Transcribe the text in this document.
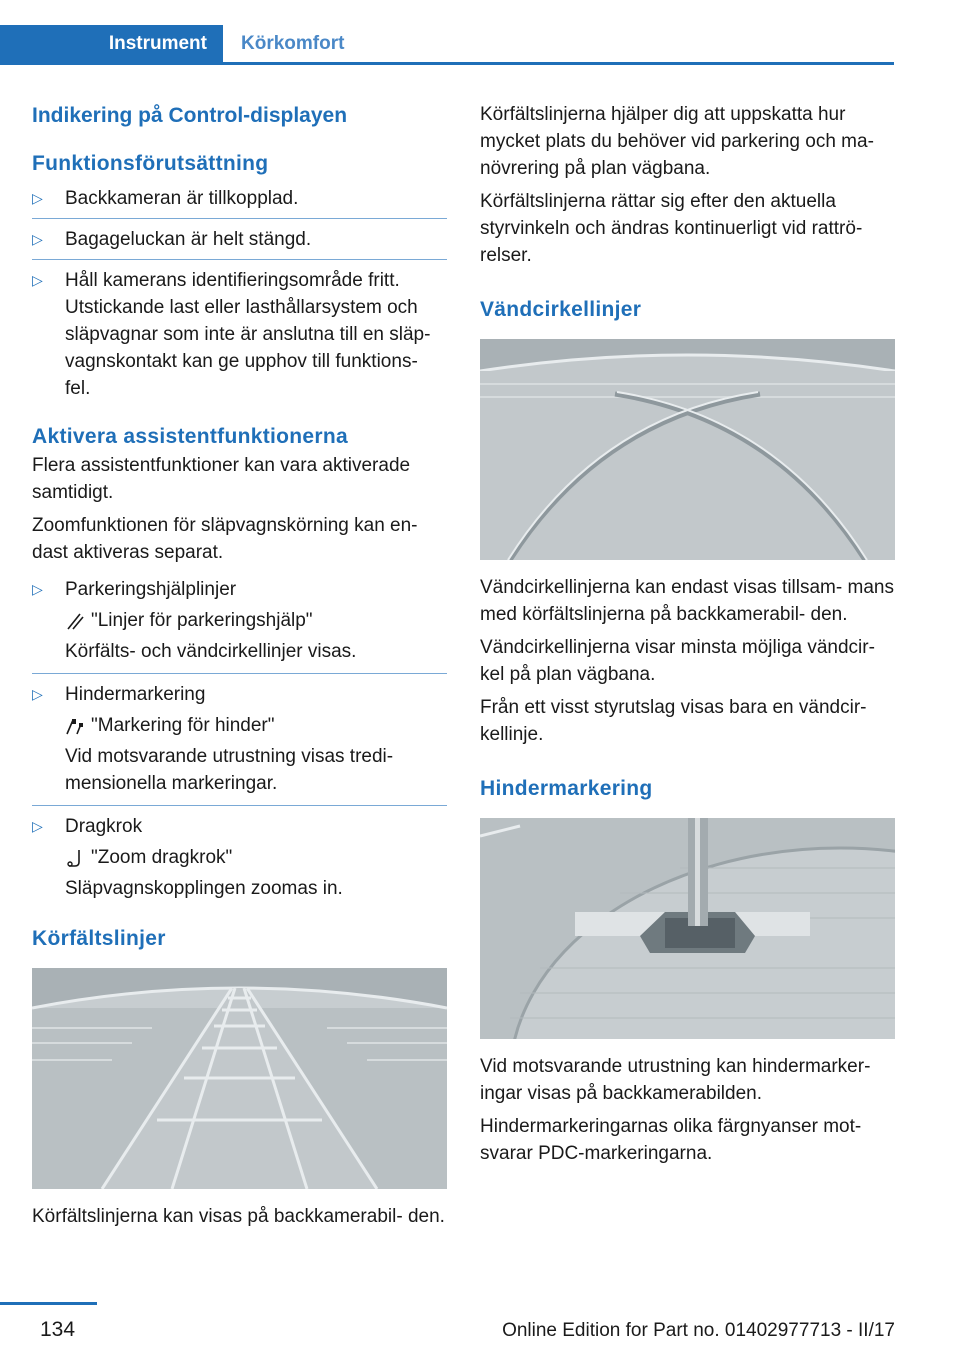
Instrument	Körkomfort
Indikering på Control-displayen
Funktionsförutsättning
▷ Backkameran är tillkopplad.
▷ Bagageluckan är helt stängd.
▷ Håll kamerans identifieringsområde fritt. Utstickande last eller lasthållarsystem och släpvagnar som inte är anslutna till en släp- vagnskontakt kan ge upphov till funktions- fel.
Aktivera assistentfunktionerna

Flera assistentfunktioner kan vara aktiverade samtidigt.

Zoomfunktionen för släpvagnskörning kan en- dast aktiveras separat.

▷ Parkeringshjälplinjer
"Linjer för parkeringshjälp"
Körfälts- och vändcirkellinjer visas.
▷ Hindermarkering
"Markering för hinder"
Vid motsvarande utrustning visas tredi- mensionella markeringar.
▷ Dragkrok
"Zoom dragkrok"
Släpvagnskopplingen zoomas in.
Körfältslinjer

Körfältslinjerna kan visas på backkamerabil- den.

Körfältslinjerna hjälper dig att uppskatta hur mycket plats du behöver vid parkering och ma- növrering på plan vägbana.

Körfältslinjerna rättar sig efter den aktuella styrvinkeln och ändras kontinuerligt vid rattrö- relser.

Vändcirkellinjer

Vändcirkellinjerna kan endast visas tillsam- mans med körfältslinjerna på backkamerabil- den.

Vändcirkellinjerna visar minsta möjliga vändcir- kel på plan vägbana.

Från ett visst styrutslag visas bara en vändcir- kellinje.

Hindermarkering

Vid motsvarande utrustning kan hindermarker- ingar visas på backkamerabilden.

Hindermarkeringarnas olika färgnyanser mot- svarar PDC-markeringarna.

134	Online Edition for Part no. 01402977713 - II/17
